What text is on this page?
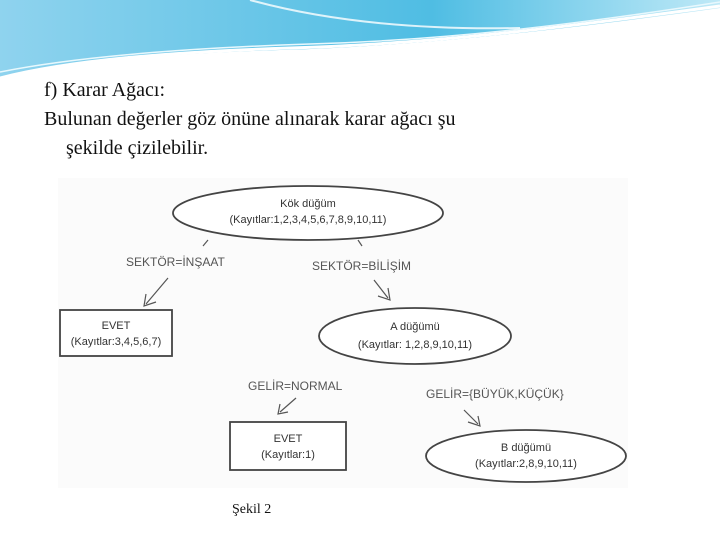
f) Karar Ağacı:

Bulunan değerler göz önüne alınarak karar ağacı şu

şekilde çizilebilir.

Kök düğüm
(Kayıtlar:1,2,3,4,5,6,7,8,9,10,11)
SEKTÖR=İNŞAAT	SEKTÖR=BİLİŞİM
EVET
(Kayıtlar:3,4,5,6,7)
A düğümü
(Kayıtlar: 1,2,8,9,10,11)
GELİR=NORMAL
GELİR={BÜYÜK,KÜÇÜK}
EVET
(Kayıtlar:1)
B düğümü
(Kayıtlar:2,8,9,10,11)
Şekil 2
